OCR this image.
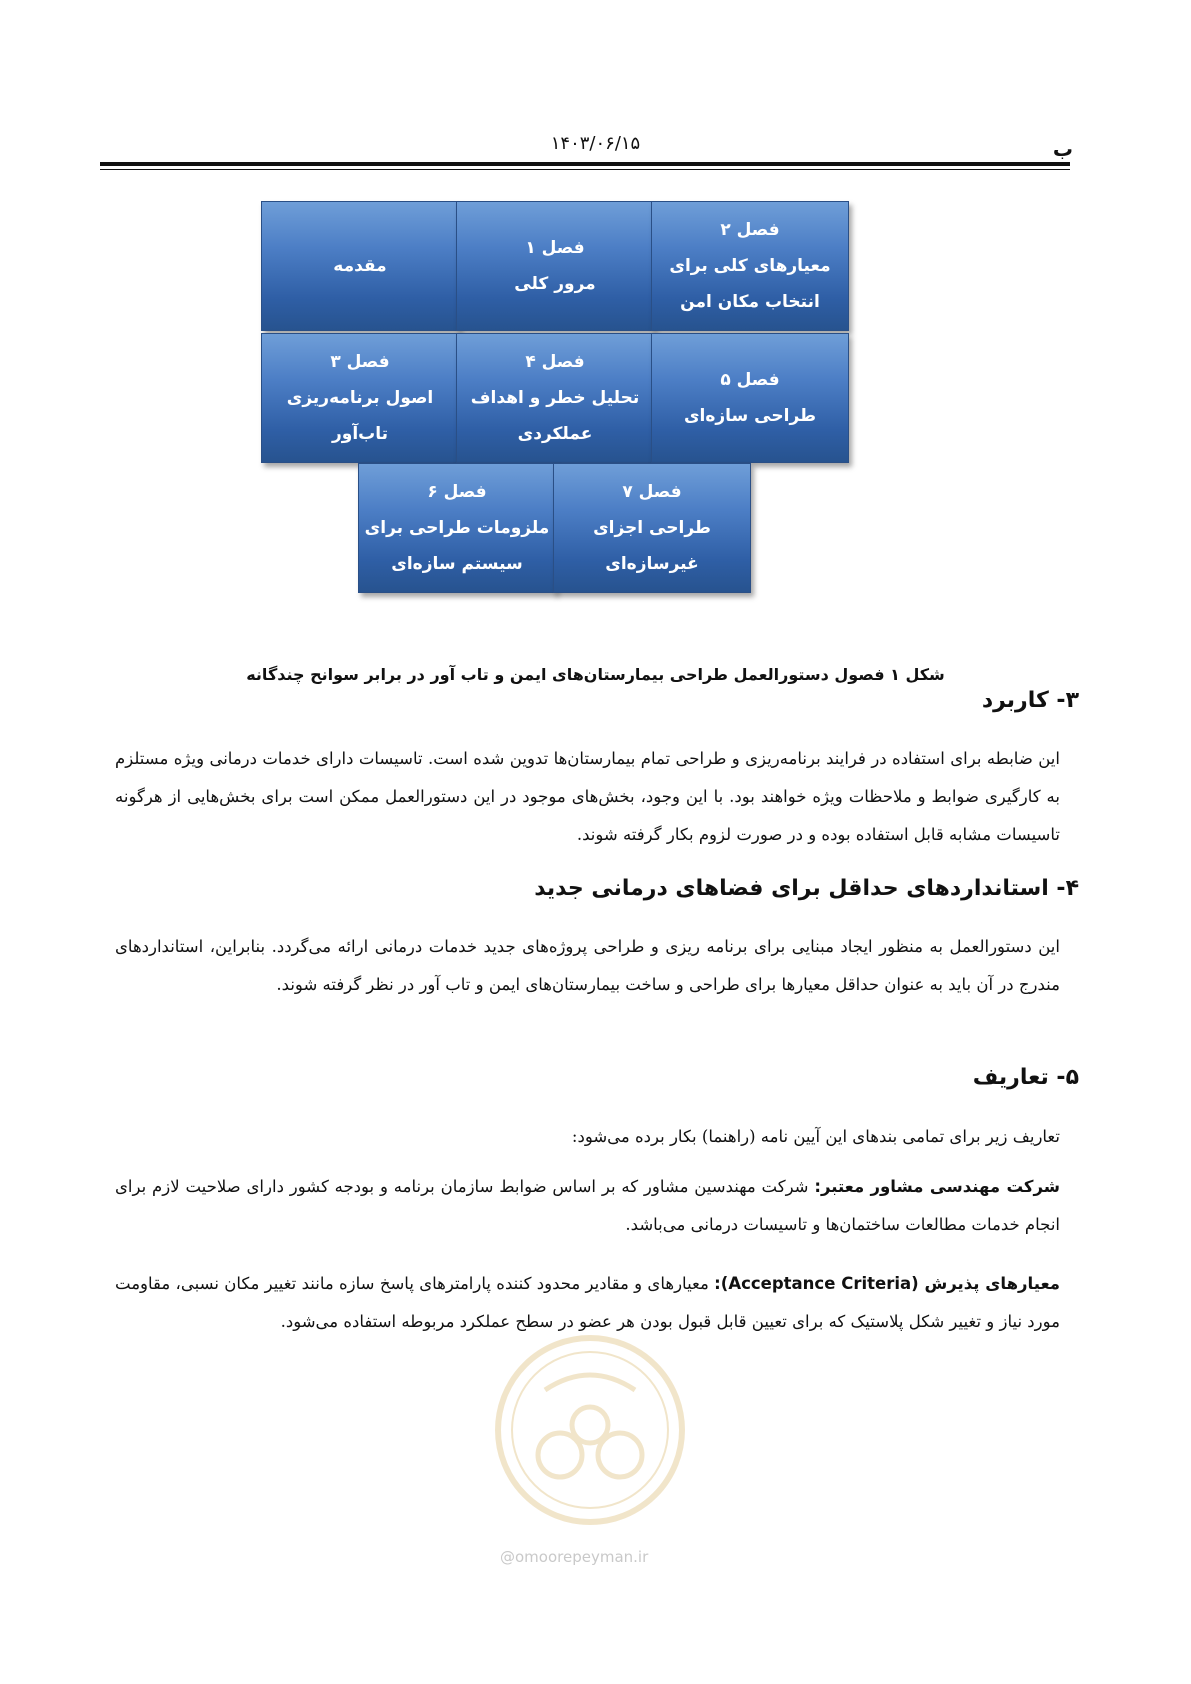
ب
۱۴۰۳/۰۶/۱۵
مقدمه
فصل ۱
مرور کلی
فصل ۲
معیارهای کلی برای
انتخاب مکان امن
فصل ۳
اصول برنامه‌ریزی
تاب‌آور
فصل ۴
تحلیل خطر و اهداف
عملکردی
فصل ۵
طراحی سازه‌ای
فصل ۶
ملزومات طراحی برای
سیستم سازه‌ای
فصل ۷
طراحی اجزای
غیرسازه‌ای
شکل ۱ فصول دستورالعمل طراحی بیمارستان‌های ایمن و تاب آور در برابر سوانح چندگانه
۳- کاربرد
این ضابطه برای استفاده در فرایند برنامه‌ریزی و طراحی تمام بیمارستان‌ها تدوین شده است. تاسیسات دارای خدمات درمانی ویژه مستلزم به کارگیری ضوابط و ملاحظات ویژه خواهند بود. با این وجود، بخش‌های موجود در این دستورالعمل ممکن است برای بخش‌هایی از هرگونه تاسیسات مشابه قابل استفاده بوده و در صورت لزوم بکار گرفته شوند.
۴- استانداردهای حداقل برای فضاهای درمانی جدید
این دستورالعمل به منظور ایجاد مبنایی برای برنامه ریزی و طراحی پروژه‌های جدید خدمات درمانی ارائه می‌گردد. بنابراین، استانداردهای مندرج در آن باید به عنوان حداقل معیارها برای طراحی و ساخت بیمارستان‌های ایمن و تاب آور در نظر گرفته شوند.
۵- تعاریف
تعاریف زیر برای تمامی بندهای این آیین نامه (راهنما) بکار برده می‌شود:
شرکت مهندسی مشاور معتبر: شرکت مهندسین مشاور که بر اساس ضوابط سازمان برنامه و بودجه کشور دارای صلاحیت لازم برای انجام خدمات مطالعات ساختمان‌ها و تاسیسات درمانی می‌باشد.
معیارهای پذیرش (Acceptance Criteria): معیارهای و مقادیر محدود کننده پارامترهای پاسخ سازه مانند تغییر مکان نسبی، مقاومت مورد نیاز و تغییر شکل پلاستیک که برای تعیین قابل قبول بودن هر عضو در سطح عملکرد مربوطه استفاده می‌شود.
@omoorepeyman.ir
